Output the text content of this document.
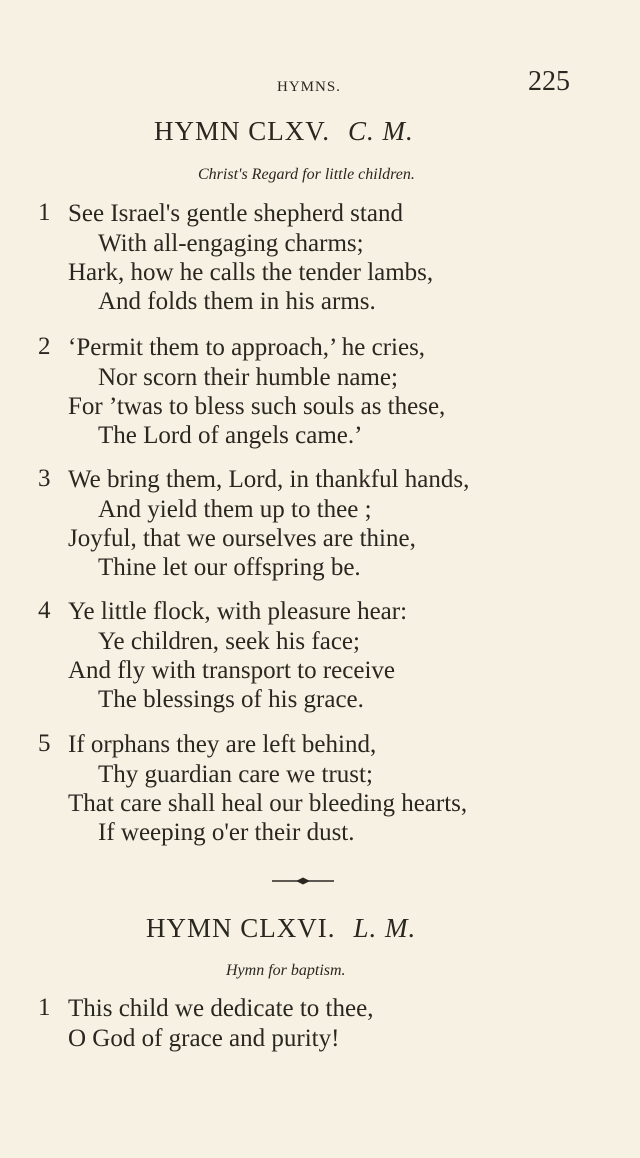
HYMNS.	225
HYMN CLXV. C. M.
Christ's Regard for little children.
1 See Israel's gentle shepherd stand
With all-engaging charms;
Hark, how he calls the tender lambs,
And folds them in his arms.
2 ‘Permit them to approach,’ he cries,
Nor scorn their humble name;
For ’twas to bless such souls as these,
The Lord of angels came.’
3 We bring them, Lord, in thankful hands,
And yield them up to thee ;
Joyful, that we ourselves are thine,
Thine let our offspring be.
4 Ye little flock, with pleasure hear:
Ye children, seek his face;
And fly with transport to receive
The blessings of his grace.
5 If orphans they are left behind,
Thy guardian care we trust;
That care shall heal our bleeding hearts,
If weeping o'er their dust.
HYMN CLXVI. L. M.
Hymn for baptism.
1 This child we dedicate to thee,
O God of grace and purity!
